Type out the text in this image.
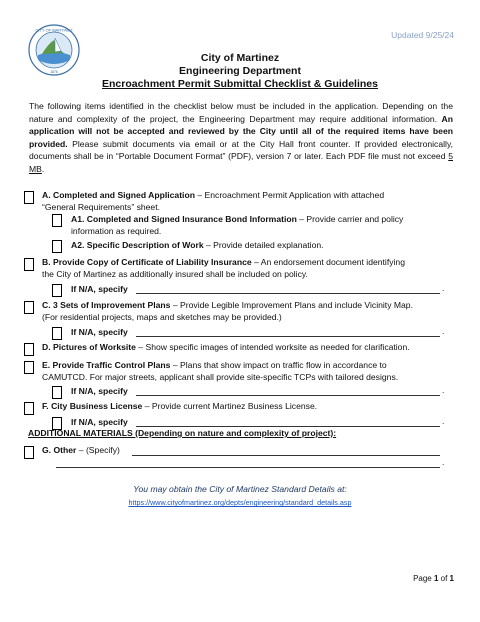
Updated 9/25/24
CITY OF MARTINEZ
1876
City of Martinez
Engineering Department
Encroachment Permit Submittal Checklist & Guidelines
The following items identified in the checklist below must be included in the application. Depending on the nature and complexity of the project, the Engineering Department may require additional information. An application will not be accepted and reviewed by the City until all of the required items have been provided. Please submit documents via email or at the City Hall front counter. If provided electronically, documents shall be in “Portable Document Format” (PDF), version 7 or later. Each PDF file must not exceed 5 MB.
A. Completed and Signed Application – Encroachment Permit Application with attached
“General Requirements” sheet.
A1. Completed and Signed Insurance Bond Information – Provide carrier and policy
information as required.
A2. Specific Description of Work – Provide detailed explanation.
B. Provide Copy of Certificate of Liability Insurance – An endorsement document identifying
the City of Martinez as additionally insured shall be included on policy.
If N/A, specify	.
C. 3 Sets of Improvement Plans – Provide Legible Improvement Plans and include Vicinity Map.
(For residential projects, maps and sketches may be provided.)
If N/A, specify	.
D. Pictures of Worksite – Show specific images of intended worksite as needed for clarification.
E. Provide Traffic Control Plans – Plans that show impact on traffic flow in accordance to
CAMUTCD. For major streets, applicant shall provide site-specific TCPs with tailored designs.
If N/A, specify	.
F. City Business License – Provide current Martinez Business License.
If N/A, specify	.
ADDITIONAL MATERIALS (Depending on nature and complexity of project):
G. Other – (Specify)
.
You may obtain the City of Martinez Standard Details at:
https://www.cityofmartinez.org/depts/engineering/standard_details.asp
Page 1 of 1
